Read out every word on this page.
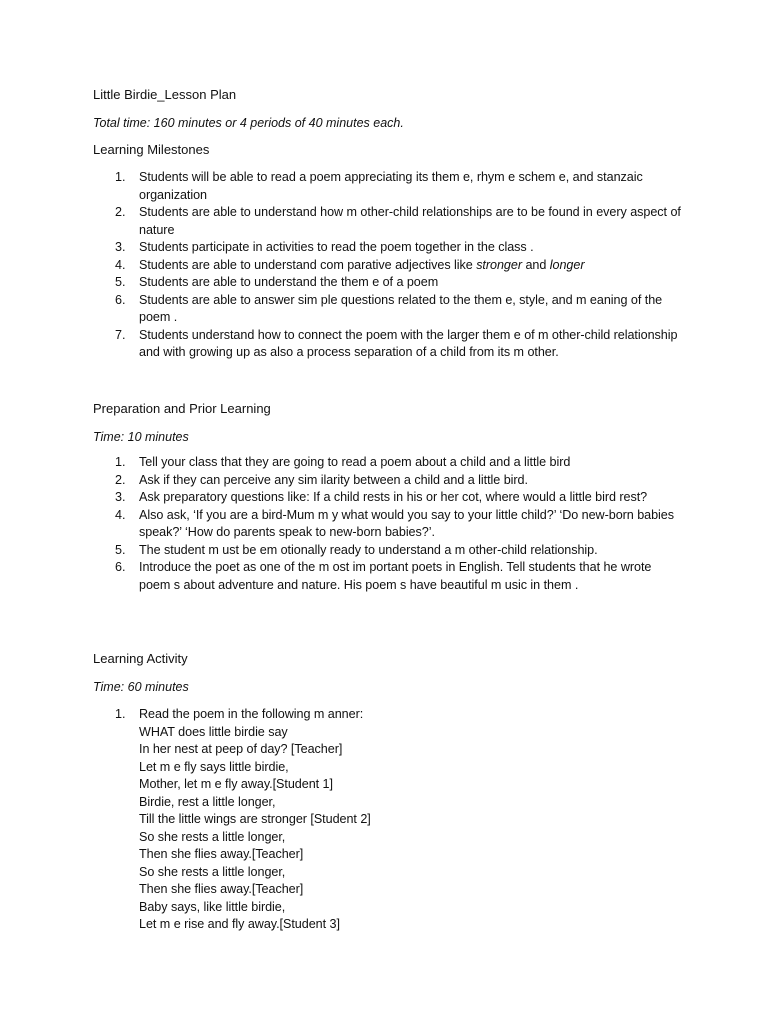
Little Birdie_Lesson Plan
Total time: 160 minutes or 4 periods of 40 minutes each.
Learning Milestones
1. Students will be able to read a poem appreciating its them e, rhym e schem e, and stanzaic organization
2. Students are able to understand how m other-child relationships are to be found in every aspect of nature
3. Students participate in activities to read the poem together in the class .
4. Students are able to understand com parative adjectives like stronger and longer
5. Students are able to understand the them e of a poem
6. Students are able to answer sim ple questions related to the them e, style, and m eaning of the poem .
7. Students understand how to connect the poem with the larger them e of m other-child relationship and with growing up as also a process separation of a child from its m other.
Preparation and Prior Learning
Time: 10 minutes
1. Tell your class that they are going to read a poem about a child and a little bird
2. Ask if they can perceive any sim ilarity between a child and a little bird.
3. Ask preparatory questions like: If a child rests in his or her cot, where would a little bird rest?
4. Also ask, ‘If you are a bird-Mum m y what would you say to your little child?’ ‘Do new-born babies speak?’ ‘How do parents speak to new-born babies?’.
5. The student m ust be em otionally ready to understand a m other-child relationship.
6. Introduce the poet as one of the m ost im portant poets in English. Tell students that he wrote poem s about adventure and nature. His poem s have beautiful m usic in them .
Learning Activity
Time: 60 minutes
1. Read the poem in the following m anner:
WHAT does little birdie say
In her nest at peep of day? [Teacher]
Let m e fly says little birdie,
Mother, let m e fly away.[Student 1]
Birdie, rest a little longer,
Till the little wings are stronger [Student 2]
So she rests a little longer,
Then she flies away.[Teacher]
So she rests a little longer,
Then she flies away.[Teacher]
Baby says, like little birdie,
Let m e rise and fly away.[Student 3]
